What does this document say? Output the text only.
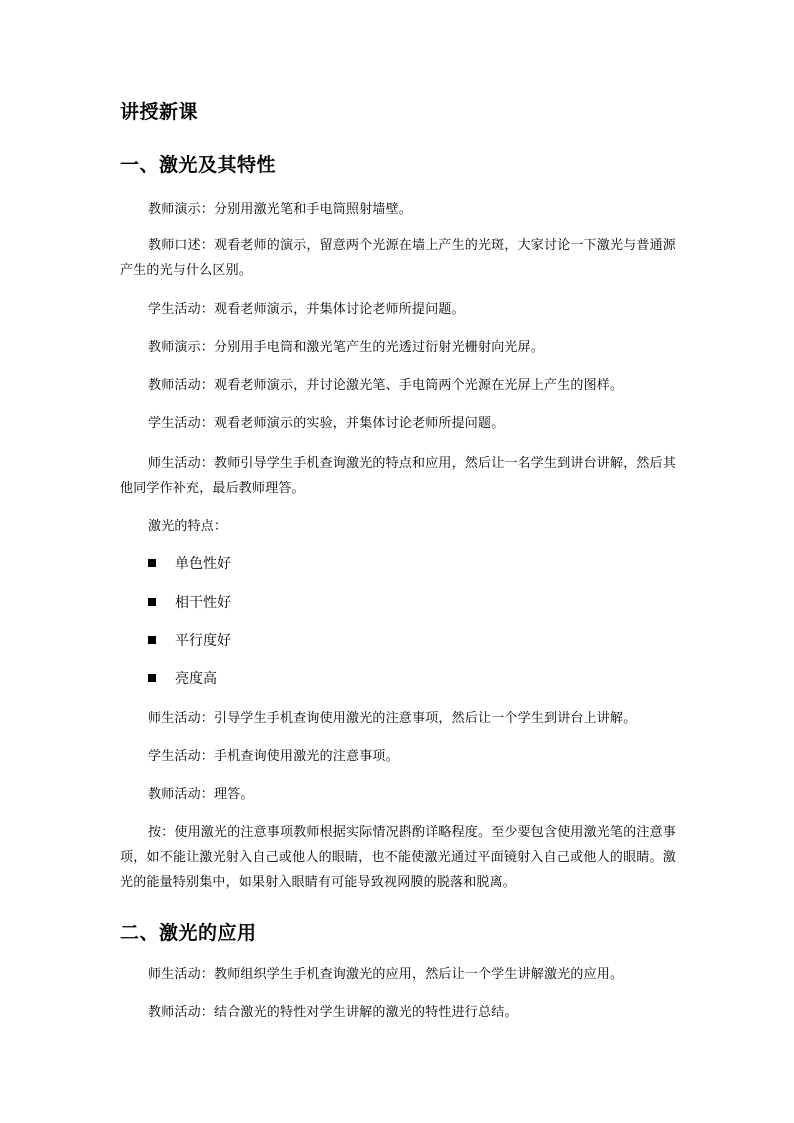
讲授新课
一、激光及其特性
教师演示：分别用激光笔和手电筒照射墙壁。
教师口述：观看老师的演示，留意两个光源在墙上产生的光斑，大家讨论一下激光与普通源产生的光与什么区别。
学生活动：观看老师演示，并集体讨论老师所提问题。
教师演示：分别用手电筒和激光笔产生的光透过衍射光栅射向光屏。
教师活动：观看老师演示，并讨论激光笔、手电筒两个光源在光屏上产生的图样。
学生活动：观看老师演示的实验，并集体讨论老师所提问题。
师生活动：教师引导学生手机查询激光的特点和应用，然后让一名学生到讲台讲解，然后其他同学作补充，最后教师理答。
激光的特点：
单色性好
相干性好
平行度好
亮度高
师生活动：引导学生手机查询使用激光的注意事项，然后让一个学生到讲台上讲解。
学生活动：手机查询使用激光的注意事项。
教师活动：理答。
按：使用激光的注意事项教师根据实际情况斟酌详略程度。至少要包含使用激光笔的注意事项，如不能让激光射入自己或他人的眼睛，也不能使激光通过平面镜射入自己或他人的眼睛。激光的能量特别集中，如果射入眼睛有可能导致视网膜的脱落和脱离。
二、激光的应用
师生活动：教师组织学生手机查询激光的应用，然后让一个学生讲解激光的应用。
教师活动：结合激光的特性对学生讲解的激光的特性进行总结。
